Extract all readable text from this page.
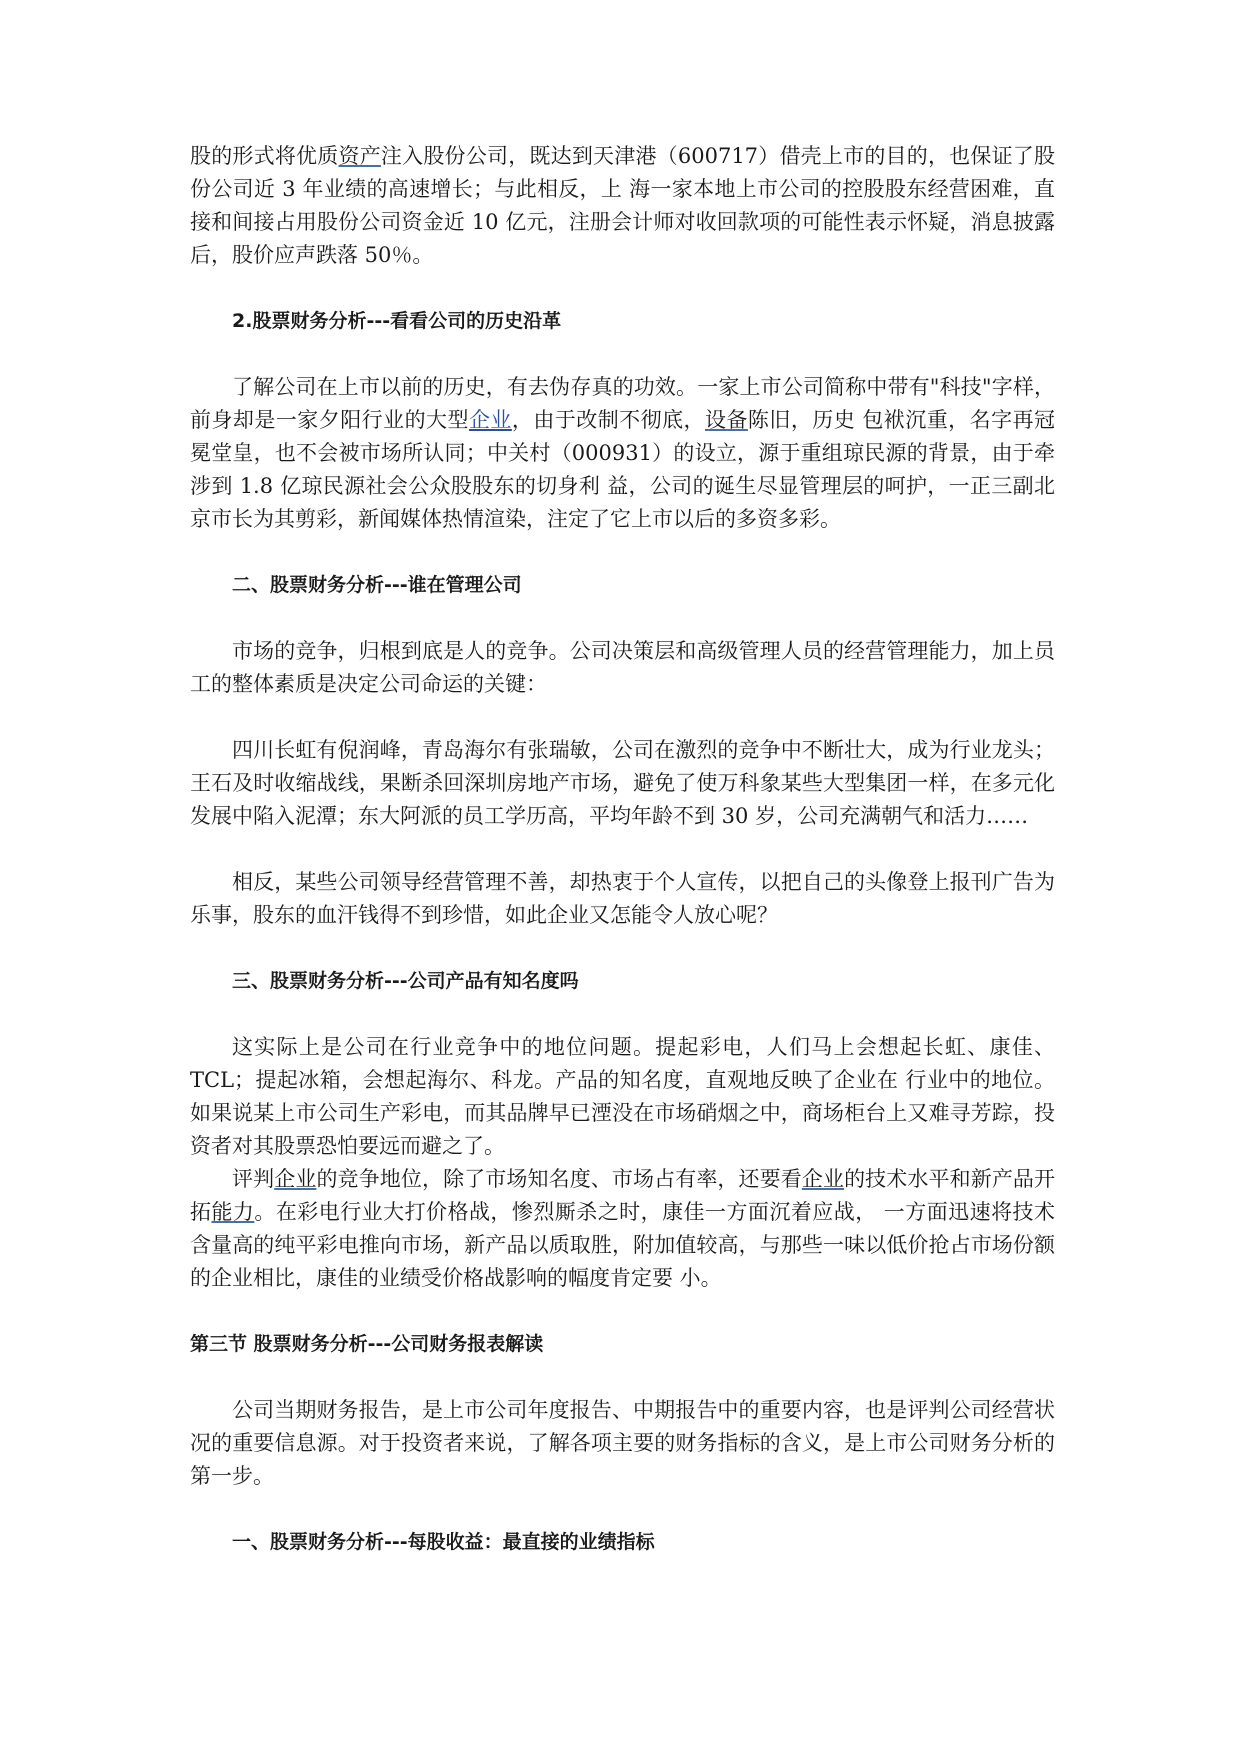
股的形式将优质资产注入股份公司，既达到天津港（600717）借壳上市的目的，也保证了股份公司近 3 年业绩的高速增长；与此相反，上 海一家本地上市公司的控股股东经营困难，直接和间接占用股份公司资金近 10 亿元，注册会计师对收回款项的可能性表示怀疑，消息披露后，股价应声跌落 50％。

2.股票财务分析---看看公司的历史沿革

了解公司在上市以前的历史，有去伪存真的功效。一家上市公司简称中带有"科技"字样，前身却是一家夕阳行业的大型企业，由于改制不彻底，设备陈旧，历史 包袱沉重，名字再冠冕堂皇，也不会被市场所认同；中关村（000931）的设立，源于重组琼民源的背景，由于牵涉到 1.8 亿琼民源社会公众股股东的切身利 益，公司的诞生尽显管理层的呵护，一正三副北京市长为其剪彩，新闻媒体热情渲染，注定了它上市以后的多资多彩。

二、股票财务分析---谁在管理公司

市场的竞争，归根到底是人的竞争。公司决策层和高级管理人员的经营管理能力，加上员工的整体素质是决定公司命运的关键：

四川长虹有倪润峰，青岛海尔有张瑞敏，公司在激烈的竞争中不断壮大，成为行业龙头；王石及时收缩战线，果断杀回深圳房地产市场，避免了使万科象某些大型集团一样，在多元化发展中陷入泥潭；东大阿派的员工学历高，平均年龄不到 30 岁，公司充满朝气和活力……

相反，某些公司领导经营管理不善，却热衷于个人宣传，以把自己的头像登上报刊广告为乐事，股东的血汗钱得不到珍惜，如此企业又怎能令人放心呢？

三、股票财务分析---公司产品有知名度吗

这实际上是公司在行业竞争中的地位问题。提起彩电，人们马上会想起长虹、康佳、TCL；提起冰箱，会想起海尔、科龙。产品的知名度，直观地反映了企业在 行业中的地位。如果说某上市公司生产彩电，而其品牌早已湮没在市场硝烟之中，商场柜台上又难寻芳踪，投资者对其股票恐怕要远而避之了。

评判企业的竞争地位，除了市场知名度、市场占有率，还要看企业的技术水平和新产品开拓能力。在彩电行业大打价格战，惨烈厮杀之时，康佳一方面沉着应战， 一方面迅速将技术含量高的纯平彩电推向市场，新产品以质取胜，附加值较高，与那些一味以低价抢占市场份额的企业相比，康佳的业绩受价格战影响的幅度肯定要 小。

第三节 股票财务分析---公司财务报表解读

公司当期财务报告，是上市公司年度报告、中期报告中的重要内容，也是评判公司经营状况的重要信息源。对于投资者来说，了解各项主要的财务指标的含义，是上市公司财务分析的第一步。

一、股票财务分析---每股收益：最直接的业绩指标
